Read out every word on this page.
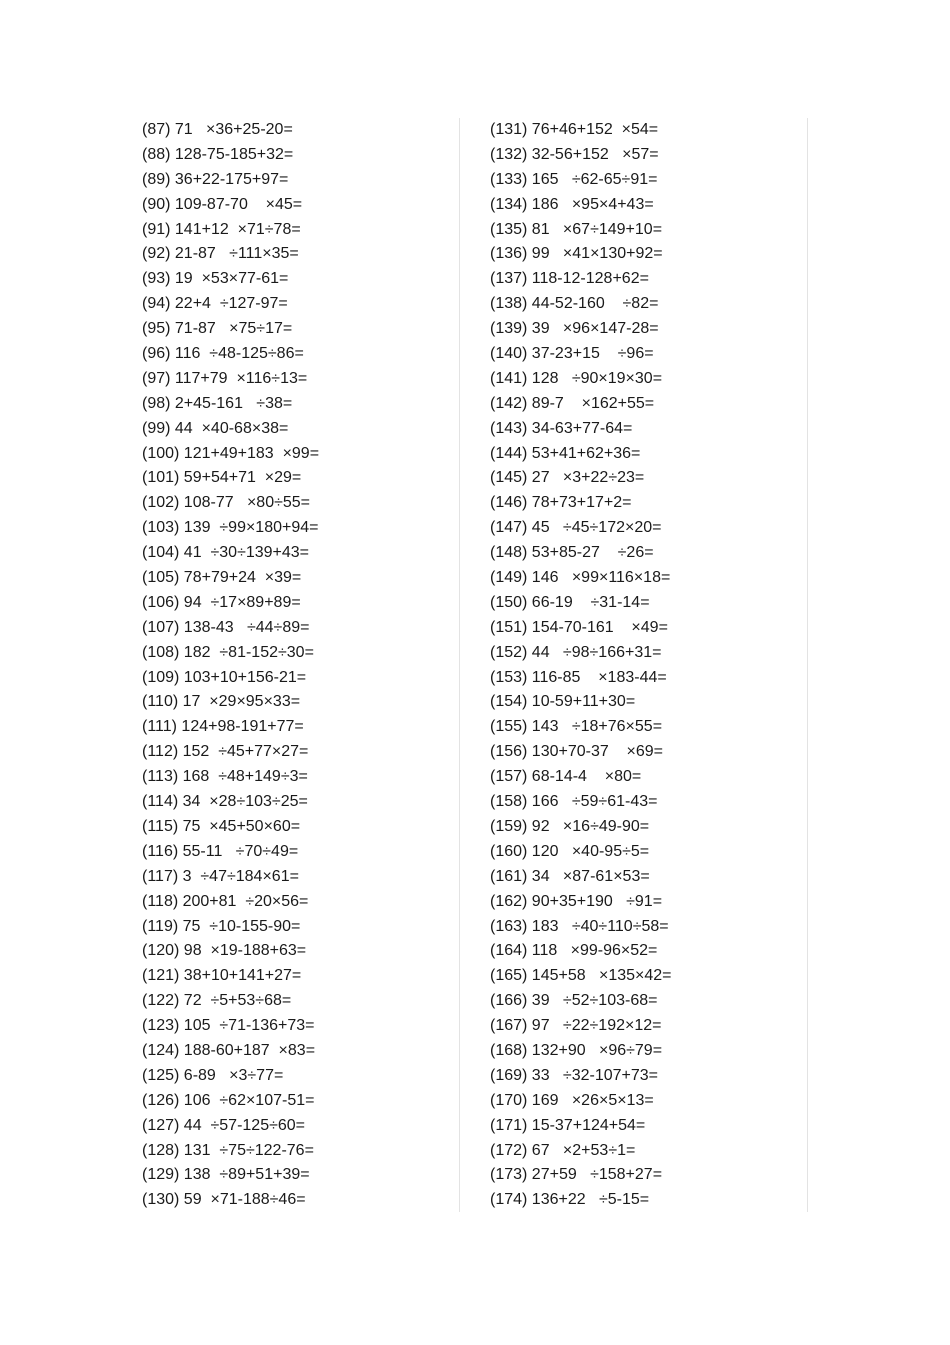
(87) 71   ×36+25-20=
(88) 128-75-185+32=
(89) 36+22-175+97=
(90) 109-87-70    ×45=
(91) 141+12  ×71÷78=
(92) 21-87   ÷111×35=
(93) 19  ×53×77-61=
(94) 22+4  ÷127-97=
(95) 71-87   ×75÷17=
(96) 116  ÷48-125÷86=
(97) 117+79  ×116÷13=
(98) 2+45-161   ÷38=
(99) 44  ×40-68×38=
(100) 121+49+183  ×99=
(101) 59+54+71  ×29=
(102) 108-77   ×80÷55=
(103) 139  ÷99×180+94=
(104) 41  ÷30÷139+43=
(105) 78+79+24  ×39=
(106) 94  ÷17×89+89=
(107) 138-43   ÷44÷89=
(108) 182  ÷81-152÷30=
(109) 103+10+156-21=
(110) 17  ×29×95×33=
(111) 124+98-191+77=
(112) 152  ÷45+77×27=
(113) 168  ÷48+149÷3=
(114) 34  ×28÷103÷25=
(115) 75  ×45+50×60=
(116) 55-11   ÷70÷49=
(117) 3  ÷47÷184×61=
(118) 200+81  ÷20×56=
(119) 75  ÷10-155-90=
(120) 98  ×19-188+63=
(121) 38+10+141+27=
(122) 72  ÷5+53÷68=
(123) 105  ÷71-136+73=
(124) 188-60+187  ×83=
(125) 6-89   ×3÷77=
(126) 106  ÷62×107-51=
(127) 44  ÷57-125÷60=
(128) 131  ÷75÷122-76=
(129) 138  ÷89+51+39=
(130) 59  ×71-188÷46=
(131) 76+46+152  ×54=
(132) 32-56+152   ×57=
(133) 165   ÷62-65÷91=
(134) 186   ×95×4+43=
(135) 81   ×67÷149+10=
(136) 99   ×41×130+92=
(137) 118-12-128+62=
(138) 44-52-160    ÷82=
(139) 39   ×96×147-28=
(140) 37-23+15    ÷96=
(141) 128   ÷90×19×30=
(142) 89-7    ×162+55=
(143) 34-63+77-64=
(144) 53+41+62+36=
(145) 27   ×3+22÷23=
(146) 78+73+17+2=
(147) 45   ÷45÷172×20=
(148) 53+85-27    ÷26=
(149) 146   ×99×116×18=
(150) 66-19    ÷31-14=
(151) 154-70-161    ×49=
(152) 44   ÷98÷166+31=
(153) 116-85    ×183-44=
(154) 10-59+11+30=
(155) 143   ÷18+76×55=
(156) 130+70-37    ×69=
(157) 68-14-4    ×80=
(158) 166   ÷59÷61-43=
(159) 92   ×16÷49-90=
(160) 120   ×40-95÷5=
(161) 34   ×87-61×53=
(162) 90+35+190   ÷91=
(163) 183   ÷40÷110÷58=
(164) 118   ×99-96×52=
(165) 145+58   ×135×42=
(166) 39   ÷52÷103-68=
(167) 97   ÷22÷192×12=
(168) 132+90   ×96÷79=
(169) 33   ÷32-107+73=
(170) 169   ×26×5×13=
(171) 15-37+124+54=
(172) 67   ×2+53÷1=
(173) 27+59   ÷158+27=
(174) 136+22   ÷5-15=
